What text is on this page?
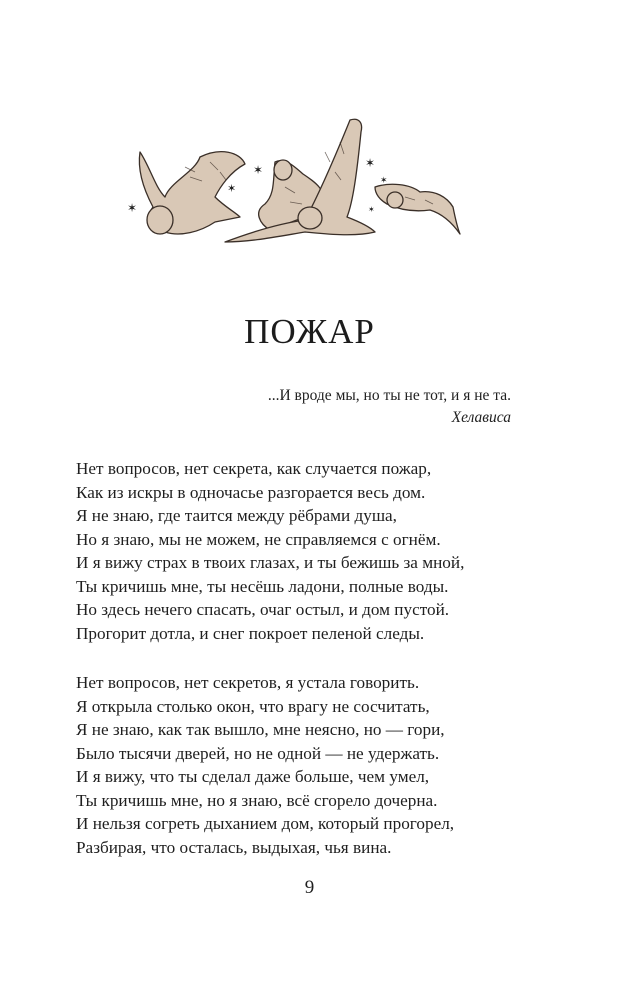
✶
✶
✶	✶
✶
✶
ПОЖАР
...И вроде мы, но ты не тот, и я не та.
Хелависа
Нет вопросов, нет секрета, как случается пожар,
Как из искры в одночасье разгорается весь дом.
Я не знаю, где таится между рёбрами душа,
Но я знаю, мы не можем, не справляемся с огнём.
И я вижу страх в твоих глазах, и ты бежишь за мной,
Ты кричишь мне, ты несёшь ладони, полные воды.
Но здесь нечего спасать, очаг остыл, и дом пустой.
Прогорит дотла, и снег покроет пеленой следы.
Нет вопросов, нет секретов, я устала говорить.
Я открыла столько окон, что врагу не сосчитать,
Я не знаю, как так вышло, мне неясно, но — гори,
Было тысячи дверей, но не одной — не удержать.
И я вижу, что ты сделал даже больше, чем умел,
Ты кричишь мне, но я знаю, всё сгорело дочерна.
И нельзя согреть дыханием дом, который прогорел,
Разбирая, что осталась, выдыхая, чья вина.
9
